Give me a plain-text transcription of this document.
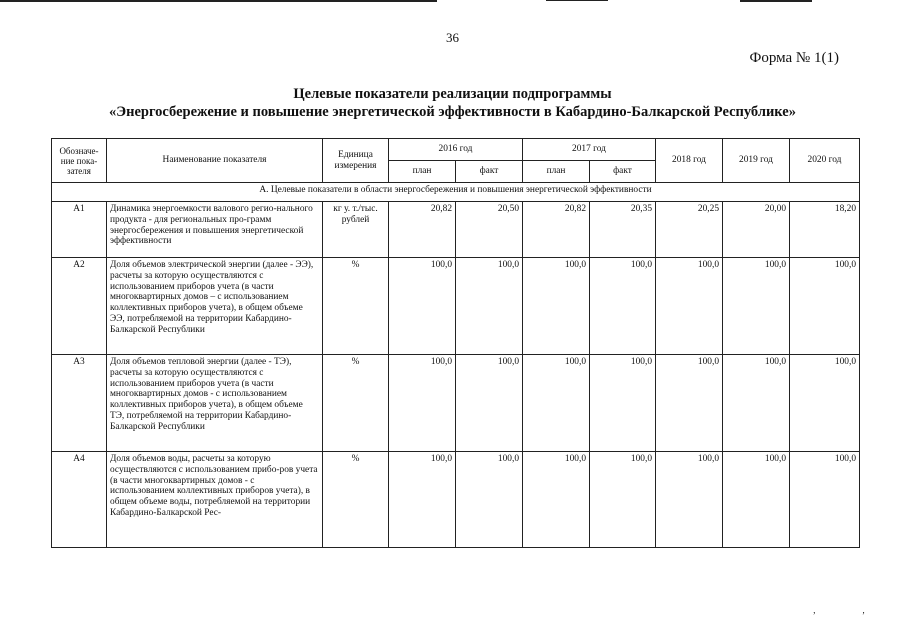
36
Форма № 1(1)
Целевые показатели реализации подпрограммы
«Энергосбережение и повышение энергетической эффективности в Кабардино-Балкарской Республике»
Обозначе-ние пока-зателя	Наименование показателя	Единица измерения	2016 год		2017 год		2018 год	2019 год	2020 год
			план	факт	план	факт			
А. Целевые показатели в области энергосбережения и повышения энергетической эффективности									
А1	Динамика энергоемкости валового регио-нального продукта - для региональных про-грамм энергосбережения и повышения энергетической эффективности	кг у. т./тыс. рублей	20,82	20,50	20,82	20,35	20,25	20,00	18,20
А2	Доля объемов электрической энергии (далее - ЭЭ), расчеты за которую осуществляются с использованием приборов учета (в части многоквартирных домов – с использованием коллективных приборов учета), в общем объеме ЭЭ, потребляемой на территории Кабардино-Балкарской Республики	%	100,0	100,0	100,0	100,0	100,0	100,0	100,0
А3	Доля объемов тепловой энергии (далее - ТЭ), расчеты за которую осуществляются с использованием приборов учета (в части многоквартирных домов - с использованием коллективных приборов учета), в общем объеме ТЭ, потребляемой на территории Кабардино-Балкарской Республики	%	100,0	100,0	100,0	100,0	100,0	100,0	100,0
А4	Доля объемов воды, расчеты за которую осуществляются с использованием прибо-ров учета (в части многоквартирных домов - с использованием коллективных приборов учета), в общем объеме воды, потребляемой на территории Кабардино-Балкарской Рес-	%	100,0	100,0	100,0	100,0	100,0	100,0	100,0
‚ ‚
